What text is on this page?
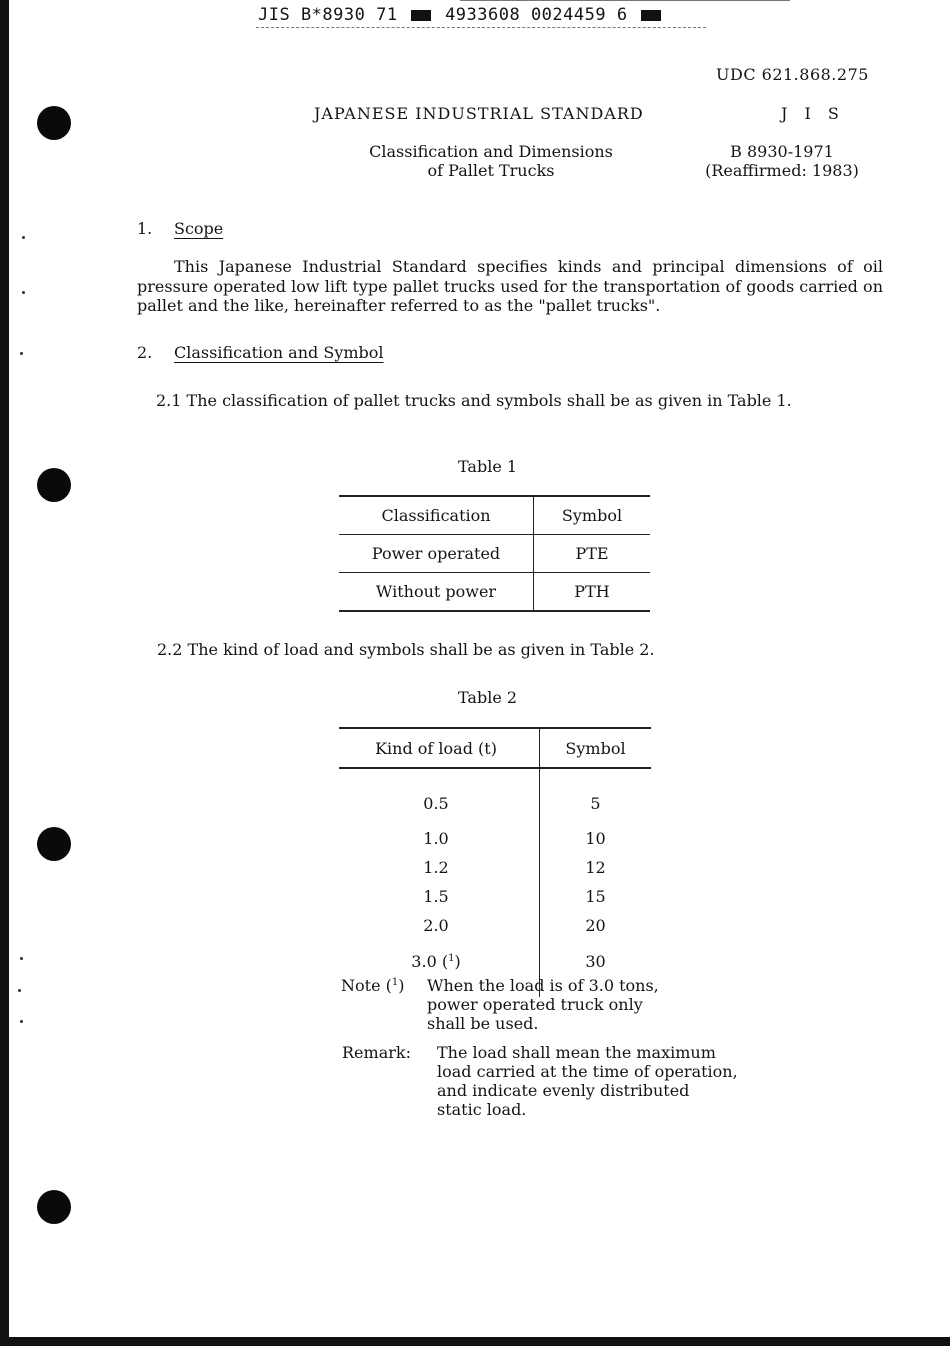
JIS B*8930 71	4933608 0024459 6
UDC 621.868.275
JAPANESE INDUSTRIAL STANDARD	J I S
Classification and Dimensions
of Pallet Trucks
B 8930-1971
(Reaffirmed: 1983)
1. Scope
This Japanese Industrial Standard specifies kinds and principal dimensions of oil pressure operated low lift type pallet trucks used for the transportation of goods carried on pallet and the like, hereinafter referred to as the "pallet trucks".
2. Classification and Symbol
2.1 The classification of pallet trucks and symbols shall be as given in Table 1.
Table 1
Classification	Symbol
Power operated	PTE
Without power	PTH
2.2 The kind of load and symbols shall be as given in Table 2.
Table 2
Kind of load (t)	Symbol
0.5	5
1.0	10
1.2	12
1.5	15
2.0	20
3.0 ($^1$)	30
Note ($^1$) When the load is of 3.0 tons,
power operated truck only
shall be used.
Remark: The load shall mean the maximum
load carried at the time of operation,
and indicate evenly distributed
static load.
